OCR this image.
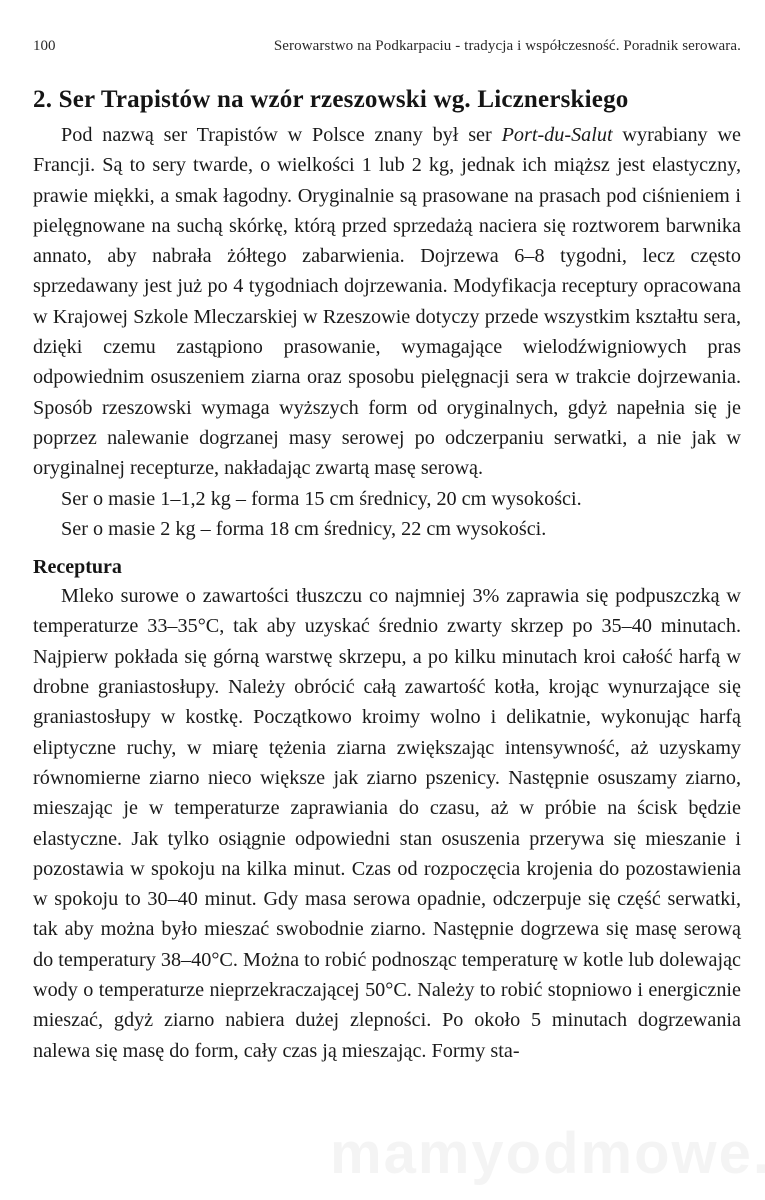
100	Serowarstwo na Podkarpaciu - tradycja i współczesność. Poradnik serowara.
2. Ser Trapistów na wzór rzeszowski wg. Licznerskiego

Pod nazwą ser Trapistów w Polsce znany był ser Port-du-Salut wyrabiany we Francji. Są to sery twarde, o wielkości 1 lub 2 kg, jednak ich miąższ jest elastyczny, prawie miękki, a smak łagodny. Oryginalnie są prasowane na prasach pod ciśnieniem i pielęgnowane na suchą skórkę, którą przed sprzedażą naciera się roztworem barwnika annato, aby nabrała żółtego zabarwienia. Dojrzewa 6–8 tygodni, lecz często sprzedawany jest już po 4 tygodniach dojrzewania. Modyfikacja receptury opracowana w Krajowej Szkole Mleczarskiej w Rzeszowie dotyczy przede wszystkim kształtu sera, dzięki czemu zastąpiono prasowanie, wymagające wielodźwigniowych pras odpowiednim osuszeniem ziarna oraz sposobu pielęgnacji sera w trakcie dojrzewania. Sposób rzeszowski wymaga wyższych form od oryginalnych, gdyż napełnia się je poprzez nalewanie dogrzanej masy serowej po odczerpaniu serwatki, a nie jak w oryginalnej recepturze, nakładając zwartą masę serową.

Ser o masie 1–1,2 kg – forma 15 cm średnicy, 20 cm wysokości.

Ser o masie 2 kg – forma 18 cm średnicy, 22 cm wysokości.

Receptura

Mleko surowe o zawartości tłuszczu co najmniej 3% zaprawia się podpuszczką w temperaturze 33–35°C, tak aby uzyskać średnio zwarty skrzep po 35–40 minutach. Najpierw pokłada się górną warstwę skrzepu, a po kilku minutach kroi całość harfą w drobne graniastosłupy. Należy obrócić całą zawartość kotła, krojąc wynurzające się graniastosłupy w kostkę. Początkowo kroimy wolno i delikatnie, wykonując harfą eliptyczne ruchy, w miarę tężenia ziarna zwiększając intensywność, aż uzyskamy równomierne ziarno nieco większe jak ziarno pszenicy. Następnie osuszamy ziarno, mieszając je w temperaturze zaprawiania do czasu, aż w próbie na ścisk będzie elastyczne. Jak tylko osiągnie odpowiedni stan osuszenia przerywa się mieszanie i pozostawia w spokoju na kilka minut. Czas od rozpoczęcia krojenia do pozostawienia w spokoju to 30–40 minut. Gdy masa serowa opadnie, odczerpuje się część serwatki, tak aby można było mieszać swobodnie ziarno. Następnie dogrzewa się masę serową do temperatury 38–40°C. Można to robić podnosząc temperaturę w kotle lub dolewając wody o temperaturze nieprzekraczającej 50°C. Należy to robić stopniowo i energicznie mieszać, gdyż ziarno nabiera dużej zlepności. Po około 5 minutach dogrzewania nalewa się masę do form, cały czas ją mieszając. Formy sta-
